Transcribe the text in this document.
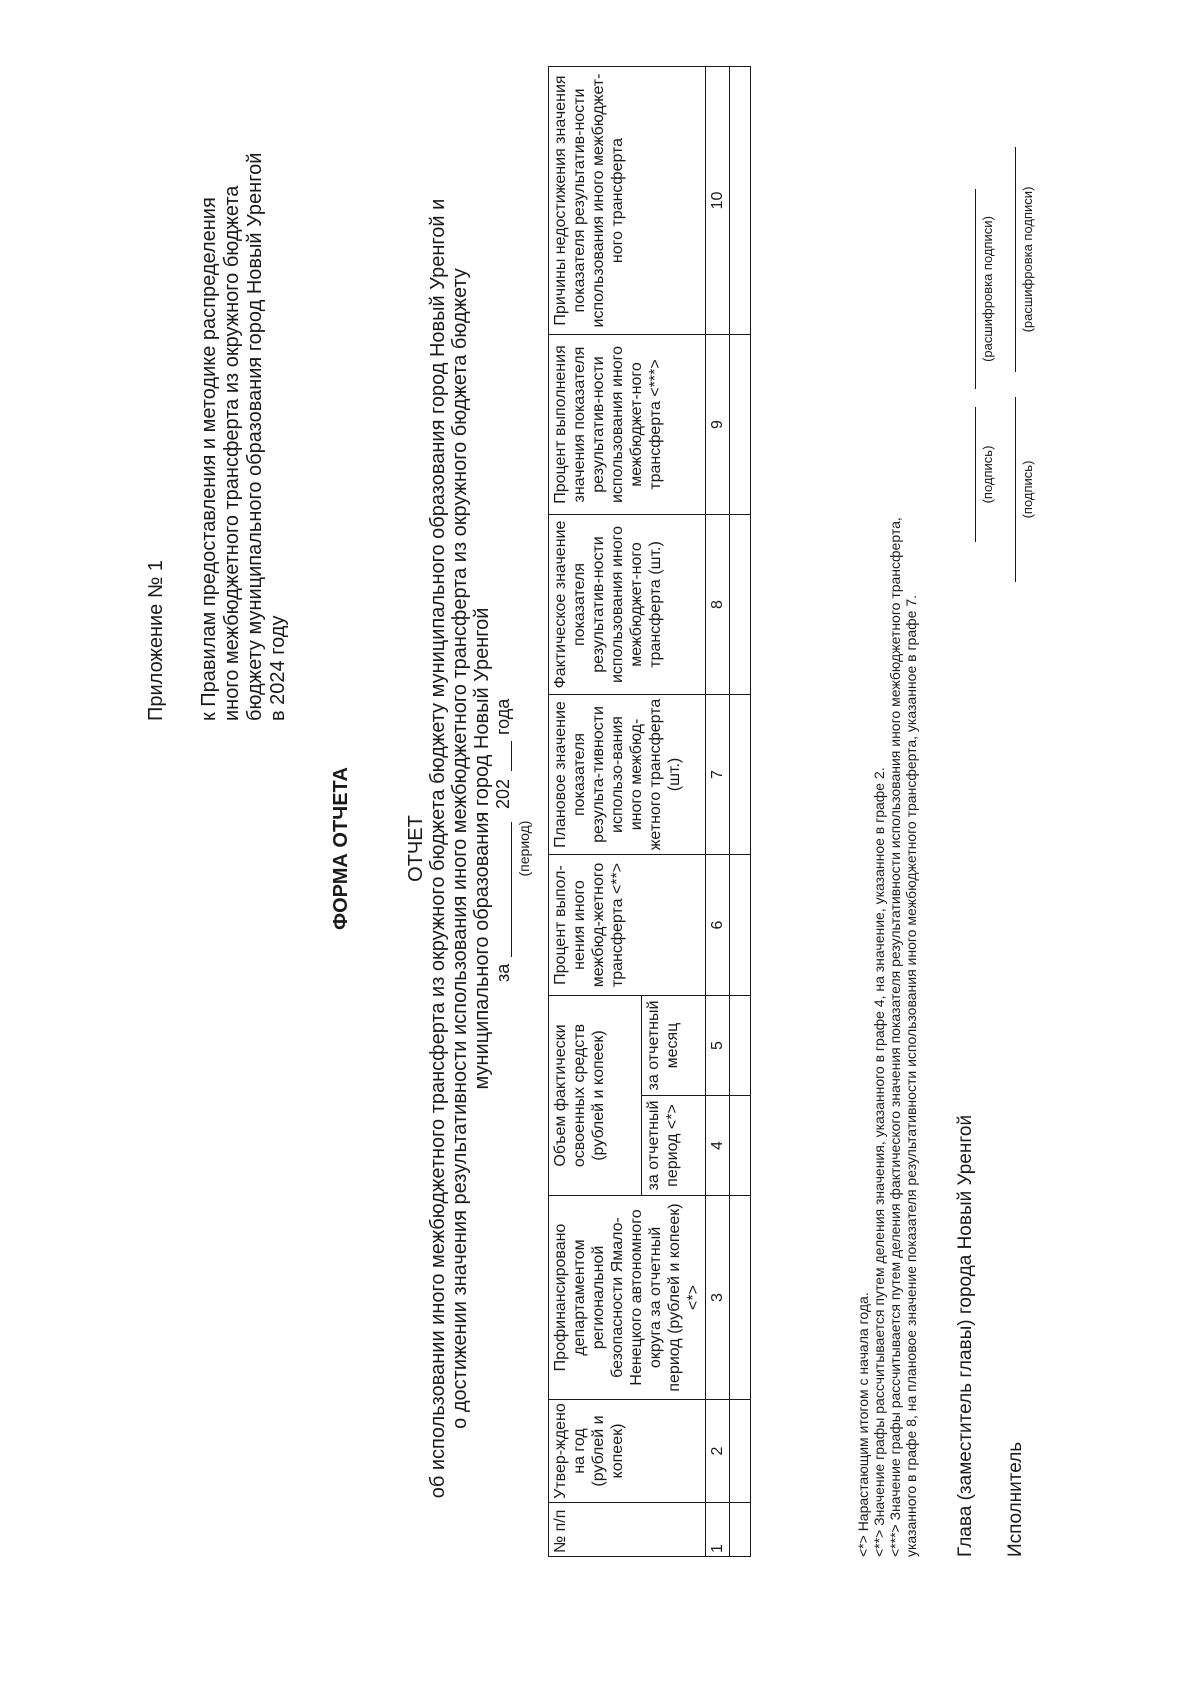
Приложение № 1 к Правилам предоставления и методике распределения иного межбюджетного трансферта из окружного бюджета бюджету муниципального образования город Новый Уренгой в 2024 году
ФОРМА ОТЧЕТА	ОТЧЕТ об использовании иного межбюджетного трансферта из окружного бюджета бюджету муниципального образования город Новый Уренгой и о достижении значения результативности использования иного межбюджетного трансферта из окружного бюджета бюджету муниципального образования город Новый Уренгой за
202
года
(период)
№ п/п	Утвер-ждено на год (рублей и копеек)	Профинансировано департаментом региональной безопасности Ямало-Ненецкого автономного округа за отчетный период (рублей и копеек) <*>	Объем фактически освоенных средств (рублей и копеек)		Процент выпол-нения иного межбюд-жетного трансферта <**>	Плановое значение показателя результа-тивности использо-вания иного межбюд-жетного трансферта (шт.)	Фактическое значение показателя результатив-ности использования иного межбюджет-ного трансферта (шт.)	Процент выполнения значения показателя результатив-ности использования иного межбюджет-ного трансферта <***>	Причины недостижения значения показателя результатив-ности использования иного межбюджет-ного трансферта
			за отчетный период <*>	за отчетный месяц					
1	2	3	4	5	6	7	8	9	10

<*> Нарастающим итогом с начала года. <**> Значение графы рассчитывается путем деления значения, указанного в графе 4, на значение, указанное в графе 2. <***> Значение графы рассчитывается путем деления фактического значения показателя результативности использования иного межбюджетного трансферта, указанного в графе 8, на плановое значение показателя результативности использования иного межбюджетного трансферта, указанное в графе 7. Глава (заместитель главы) города Новый Уренгой Исполнитель
(подпись)
(расшифровка подписи)
(подпись)
(расшифровка подписи)
